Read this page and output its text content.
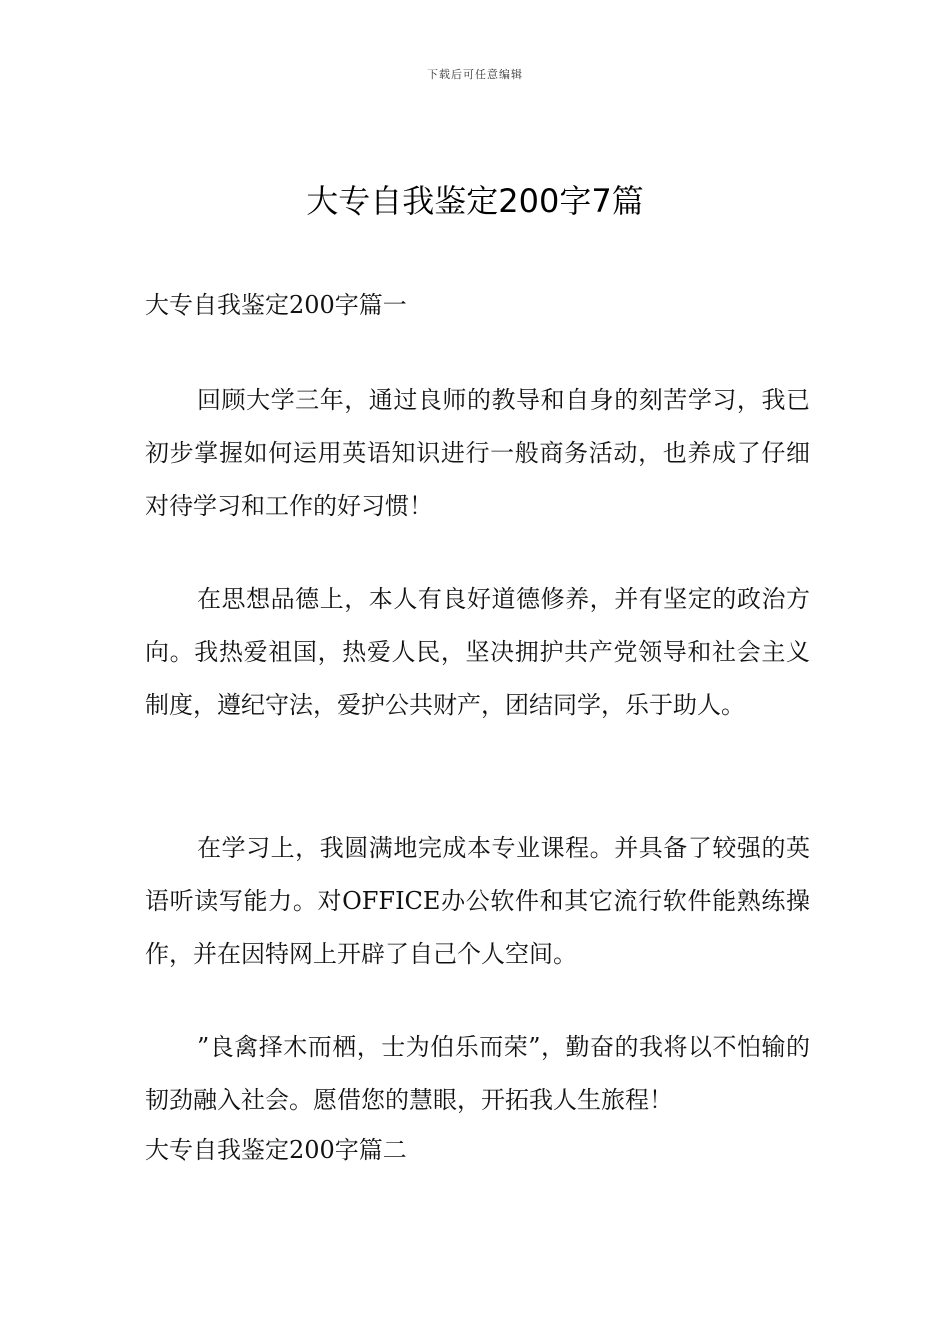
下载后可任意编辑
大专自我鉴定200字7篇
大专自我鉴定200字篇一

回顾大学三年，通过良师的教导和自身的刻苦学习，我已初步掌握如何运用英语知识进行一般商务活动，也养成了仔细对待学习和工作的好习惯！

在思想品德上，本人有良好道德修养，并有坚定的政治方向。我热爱祖国，热爱人民，坚决拥护共产党领导和社会主义制度，遵纪守法，爱护公共财产，团结同学，乐于助人。

在学习上，我圆满地完成本专业课程。并具备了较强的英语听读写能力。对OFFICE办公软件和其它流行软件能熟练操作，并在因特网上开辟了自己个人空间。

”良禽择木而栖，士为伯乐而荣”，勤奋的我将以不怕输的韧劲融入社会。愿借您的慧眼，开拓我人生旅程！

大专自我鉴定200字篇二
